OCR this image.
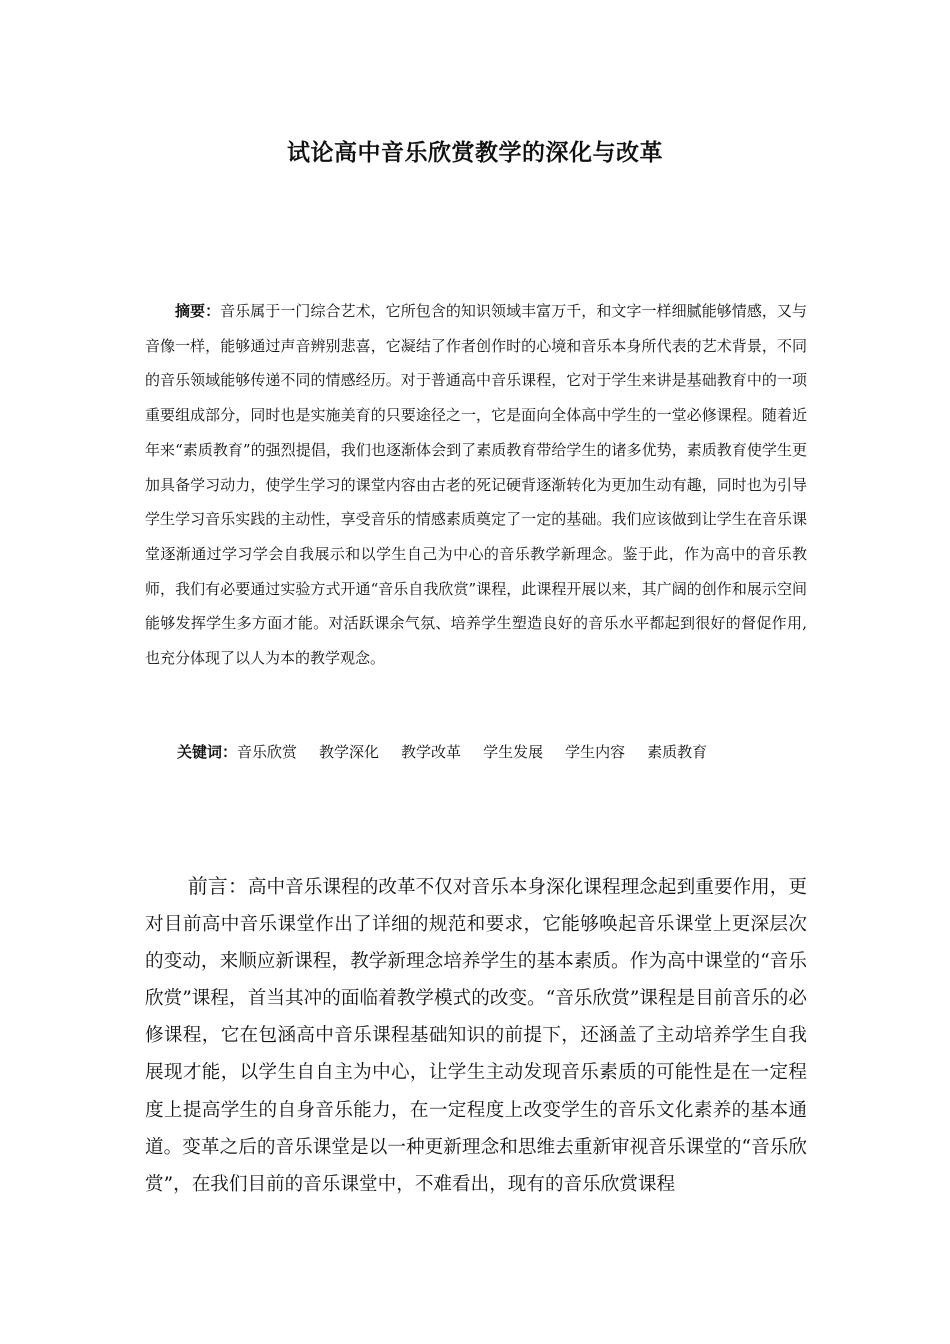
试论高中音乐欣赏教学的深化与改革
摘要：音乐属于一门综合艺术，它所包含的知识领域丰富万千，和文字一样细腻能够情感，又与音像一样，能够通过声音辨别悲喜，它凝结了作者创作时的心境和音乐本身所代表的艺术背景，不同的音乐领域能够传递不同的情感经历。对于普通高中音乐课程，它对于学生来讲是基础教育中的一项重要组成部分，同时也是实施美育的只要途径之一，它是面向全体高中学生的一堂必修课程。随着近年来“素质教育”的强烈提倡，我们也逐渐体会到了素质教育带给学生的诸多优势，素质教育使学生更加具备学习动力，使学生学习的课堂内容由古老的死记硬背逐渐转化为更加生动有趣，同时也为引导学生学习音乐实践的主动性，享受音乐的情感素质奠定了一定的基础。我们应该做到让学生在音乐课堂逐渐通过学习学会自我展示和以学生自己为中心的音乐教学新理念。鉴于此，作为高中的音乐教师，我们有必要通过实验方式开通“音乐自我欣赏”课程，此课程开展以来，其广阔的创作和展示空间能够发挥学生多方面才能。对活跃课余气氛、培养学生塑造良好的音乐水平都起到很好的督促作用,也充分体现了以人为本的教学观念。
关键词：音乐欣赏 教学深化 教学改革 学生发展 学生内容 素质教育
前言：高中音乐课程的改革不仅对音乐本身深化课程理念起到重要作用，更对目前高中音乐课堂作出了详细的规范和要求，它能够唤起音乐课堂上更深层次的变动，来顺应新课程，教学新理念培养学生的基本素质。作为高中课堂的“音乐欣赏”课程，首当其冲的面临着教学模式的改变。“音乐欣赏”课程是目前音乐的必修课程，它在包涵高中音乐课程基础知识的前提下，还涵盖了主动培养学生自我展现才能，以学生自自主为中心，让学生主动发现音乐素质的可能性是在一定程度上提高学生的自身音乐能力，在一定程度上改变学生的音乐文化素养的基本通道。变革之后的音乐课堂是以一种更新理念和思维去重新审视音乐课堂的“音乐欣赏”，在我们目前的音乐课堂中，不难看出，现有的音乐欣赏课程
